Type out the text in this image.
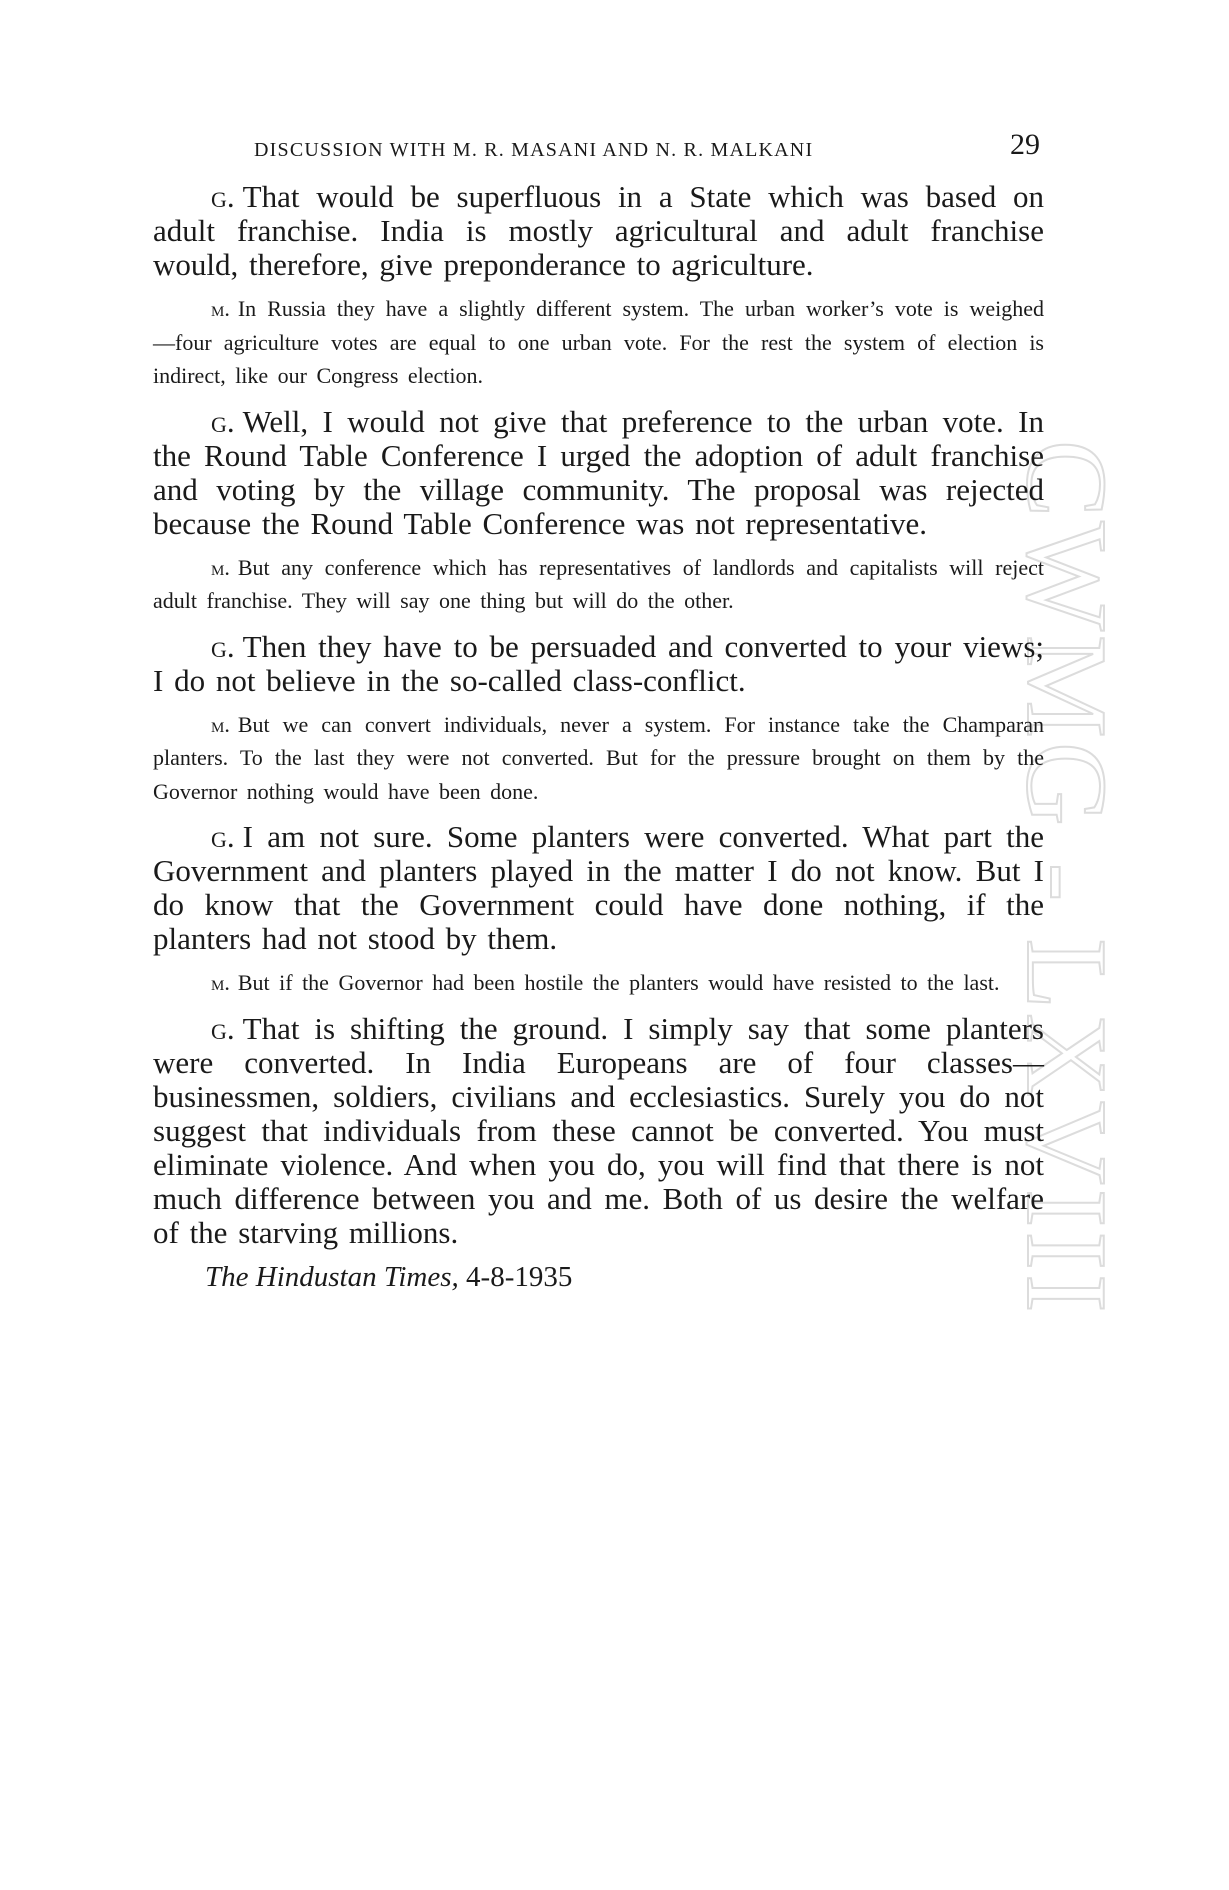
CWMG - LXVIII
DISCUSSION WITH M. R. MASANI AND N. R. MALKANI	29

g. That would be superfluous in a State which was based on adult franchise. India is mostly agricultural and adult franchise would, therefore, give preponderance to agriculture.

m. In Russia they have a slightly different system. The urban worker’s vote is weighed—four agriculture votes are equal to one urban vote. For the rest the system of election is indirect, like our Congress election.

g. Well, I would not give that preference to the urban vote. In the Round Table Conference I urged the adoption of adult franchise and voting by the village community. The proposal was rejected because the Round Table Conference was not representative.

m. But any conference which has representatives of landlords and capitalists will reject adult franchise. They will say one thing but will do the other.

g. Then they have to be persuaded and converted to your views; I do not believe in the so-called class-conflict.

m. But we can convert individuals, never a system. For instance take the Champaran planters. To the last they were not converted. But for the pressure brought on them by the Governor nothing would have been done.

g. I am not sure. Some planters were converted. What part the Government and planters played in the matter I do not know. But I do know that the Government could have done nothing, if the planters had not stood by them.

m. But if the Governor had been hostile the planters would have resisted to the last.

g. That is shifting the ground. I simply say that some planters were converted. In India Europeans are of four classes—businessmen, soldiers, civilians and ecclesiastics. Surely you do not suggest that individuals from these cannot be converted. You must eliminate violence. And when you do, you will find that there is not much difference between you and me. Both of us desire the welfare of the starving millions.

The Hindustan Times, 4-8-1935
